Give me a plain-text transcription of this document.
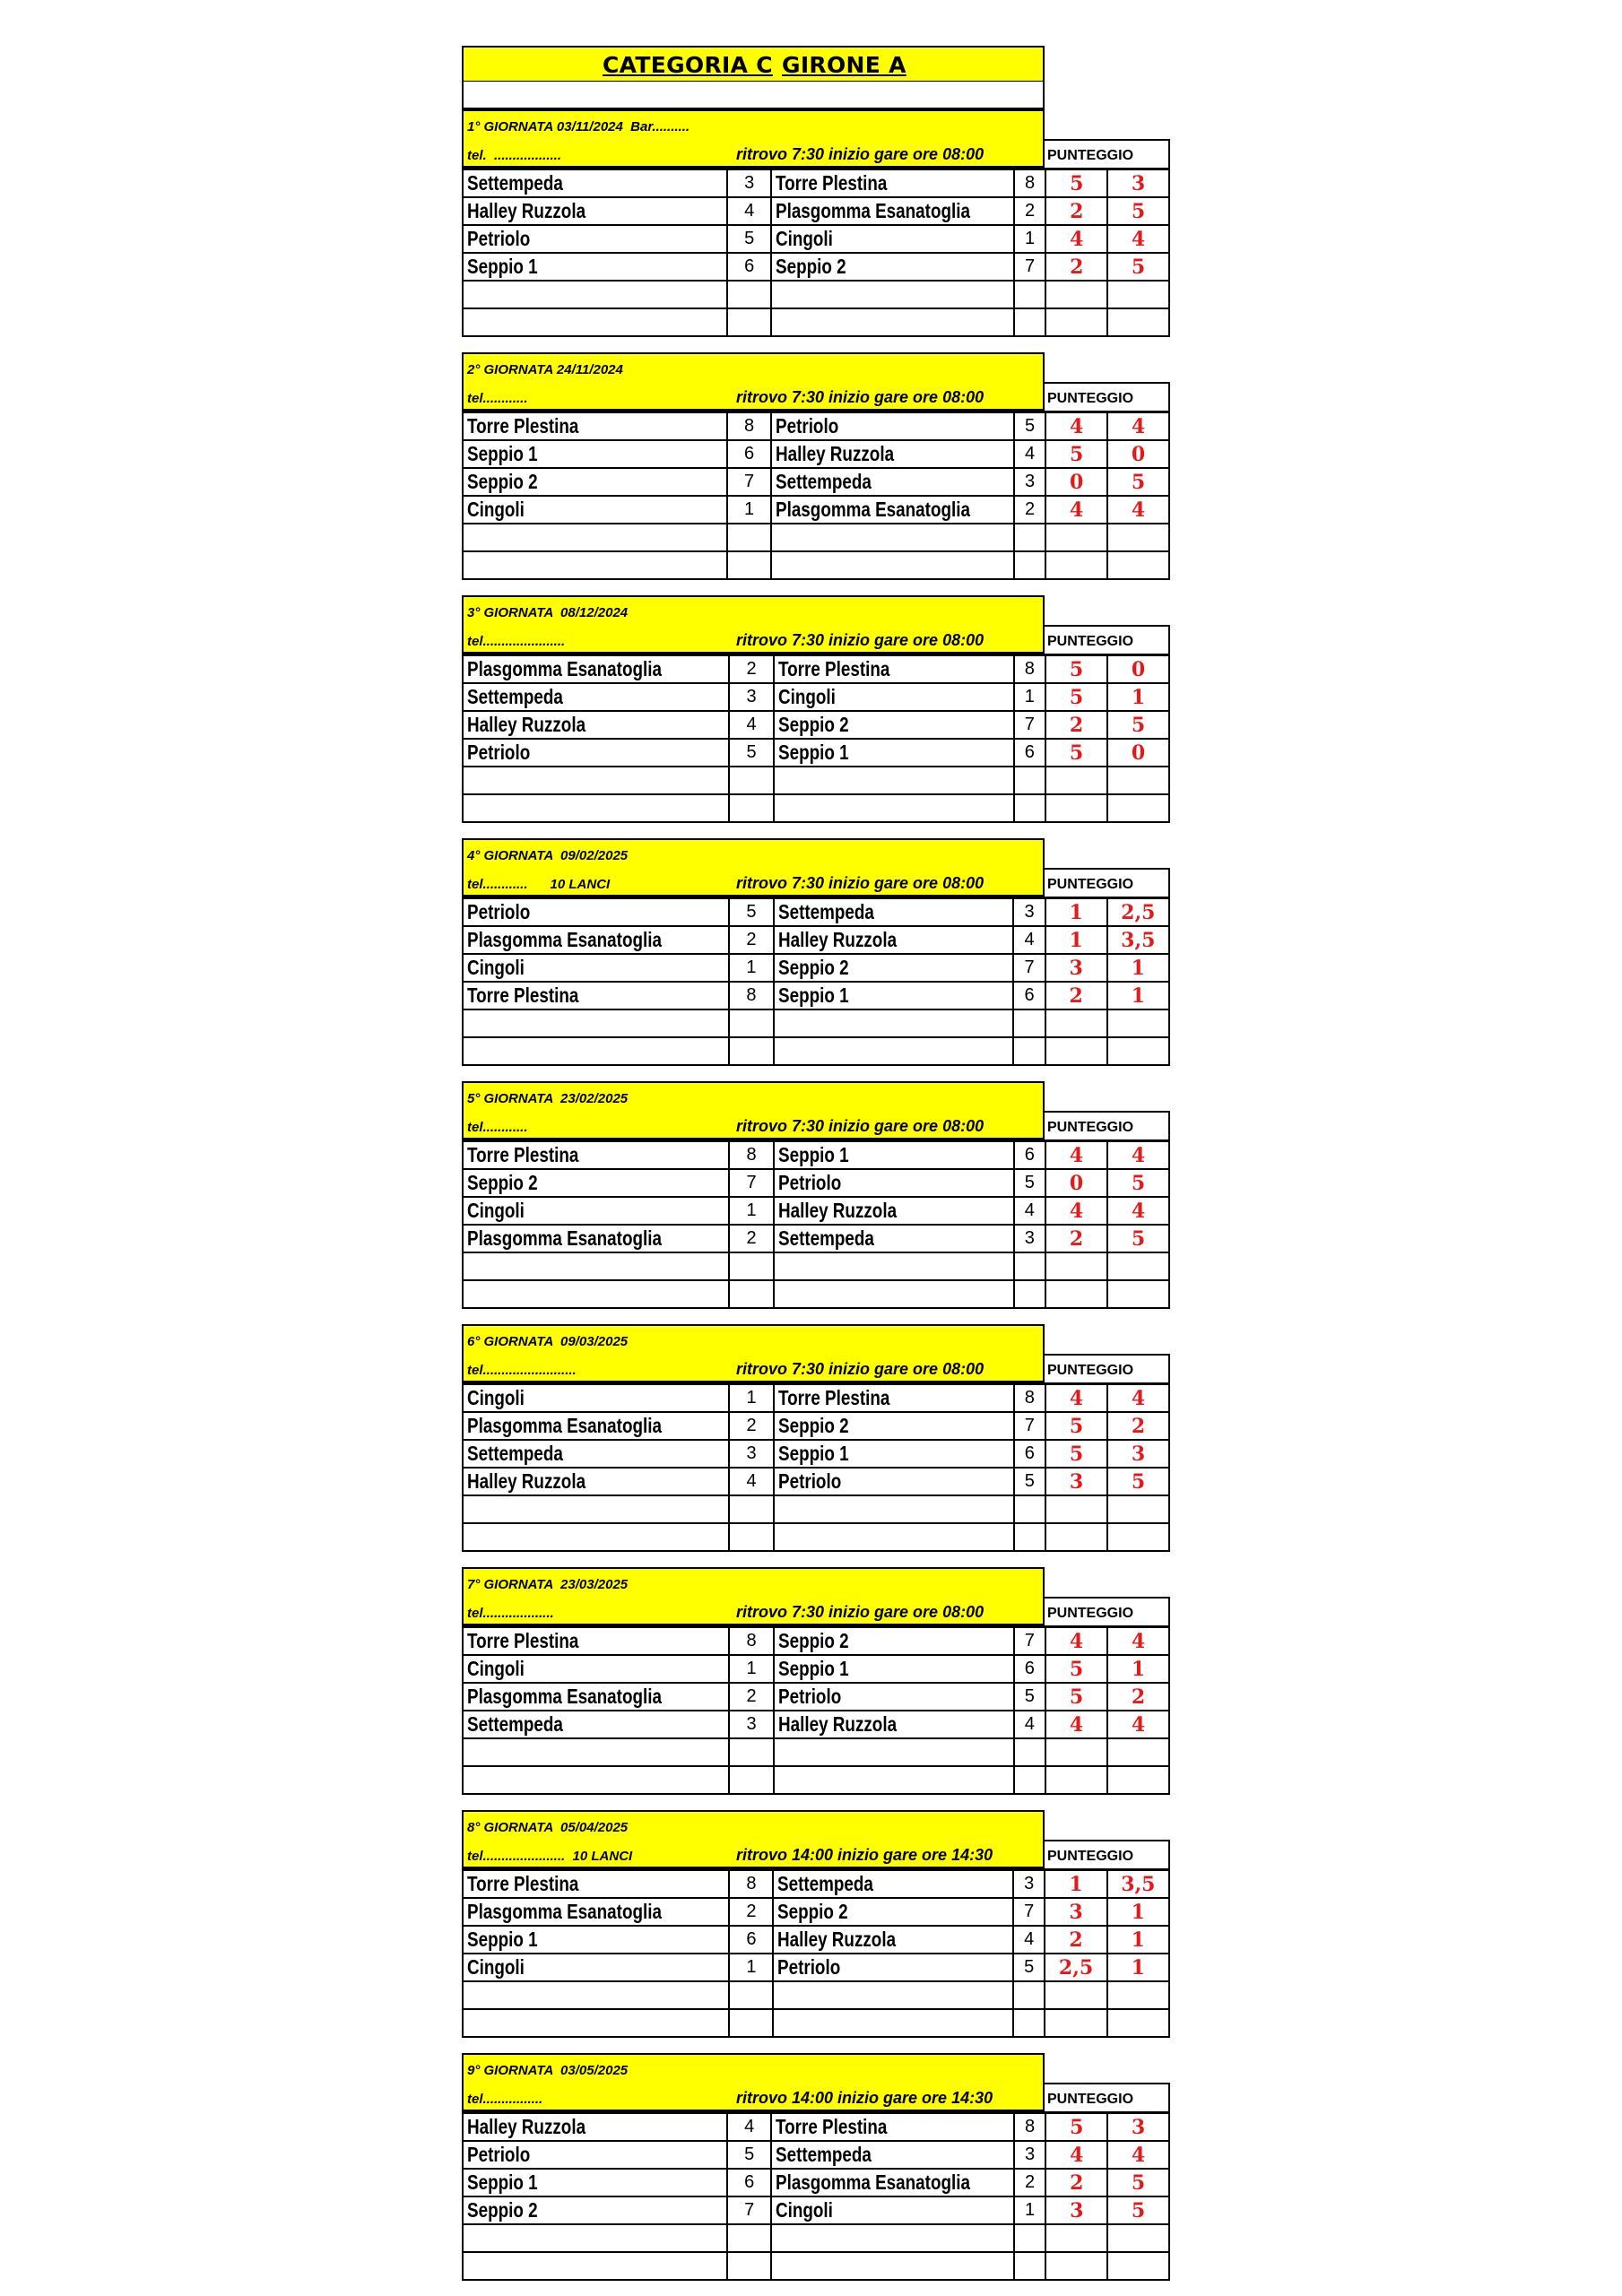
CATEGORIA C GIRONE A
1° GIORNATA 03/11/2024  Bar..........
tel.  ..................	ritrovo 7:30 inizio gare ore 08:00	PUNTEGGIO
Settempeda	3	Torre Plestina	8	5	3
Halley Ruzzola	4	Plasgomma Esanatoglia	2	2	5
Petriolo	5	Cingoli	1	4	4
Seppio 1	6	Seppio 2	7	2	5

2° GIORNATA 24/11/2024
tel............	ritrovo 7:30 inizio gare ore 08:00	PUNTEGGIO
Torre Plestina	8	Petriolo	5	4	4
Seppio 1	6	Halley Ruzzola	4	5	0
Seppio 2	7	Settempeda	3	0	5
Cingoli	1	Plasgomma Esanatoglia	2	4	4

3° GIORNATA  08/12/2024
tel......................	ritrovo 7:30 inizio gare ore 08:00	PUNTEGGIO
Plasgomma Esanatoglia	2	Torre Plestina	8	5	0
Settempeda	3	Cingoli	1	5	1
Halley Ruzzola	4	Seppio 2	7	2	5
Petriolo	5	Seppio 1	6	5	0

4° GIORNATA  09/02/2025
tel............      10 LANCI	ritrovo 7:30 inizio gare ore 08:00	PUNTEGGIO
Petriolo	5	Settempeda	3	1	2,5
Plasgomma Esanatoglia	2	Halley Ruzzola	4	1	3,5
Cingoli	1	Seppio 2	7	3	1
Torre Plestina	8	Seppio 1	6	2	1

5° GIORNATA  23/02/2025
tel............	ritrovo 7:30 inizio gare ore 08:00	PUNTEGGIO
Torre Plestina	8	Seppio 1	6	4	4
Seppio 2	7	Petriolo	5	0	5
Cingoli	1	Halley Ruzzola	4	4	4
Plasgomma Esanatoglia	2	Settempeda	3	2	5

6° GIORNATA  09/03/2025
tel.........................	ritrovo 7:30 inizio gare ore 08:00	PUNTEGGIO
Cingoli	1	Torre Plestina	8	4	4
Plasgomma Esanatoglia	2	Seppio 2	7	5	2
Settempeda	3	Seppio 1	6	5	3
Halley Ruzzola	4	Petriolo	5	3	5

7° GIORNATA  23/03/2025
tel...................	ritrovo 7:30 inizio gare ore 08:00	PUNTEGGIO
Torre Plestina	8	Seppio 2	7	4	4
Cingoli	1	Seppio 1	6	5	1
Plasgomma Esanatoglia	2	Petriolo	5	5	2
Settempeda	3	Halley Ruzzola	4	4	4

8° GIORNATA  05/04/2025
tel......................  10 LANCI	ritrovo 14:00 inizio gare ore 14:30	PUNTEGGIO
Torre Plestina	8	Settempeda	3	1	3,5
Plasgomma Esanatoglia	2	Seppio 2	7	3	1
Seppio 1	6	Halley Ruzzola	4	2	1
Cingoli	1	Petriolo	5	2,5	1

9° GIORNATA  03/05/2025
tel................	ritrovo 14:00 inizio gare ore 14:30	PUNTEGGIO
Halley Ruzzola	4	Torre Plestina	8	5	3
Petriolo	5	Settempeda	3	4	4
Seppio 1	6	Plasgomma Esanatoglia	2	2	5
Seppio 2	7	Cingoli	1	3	5
